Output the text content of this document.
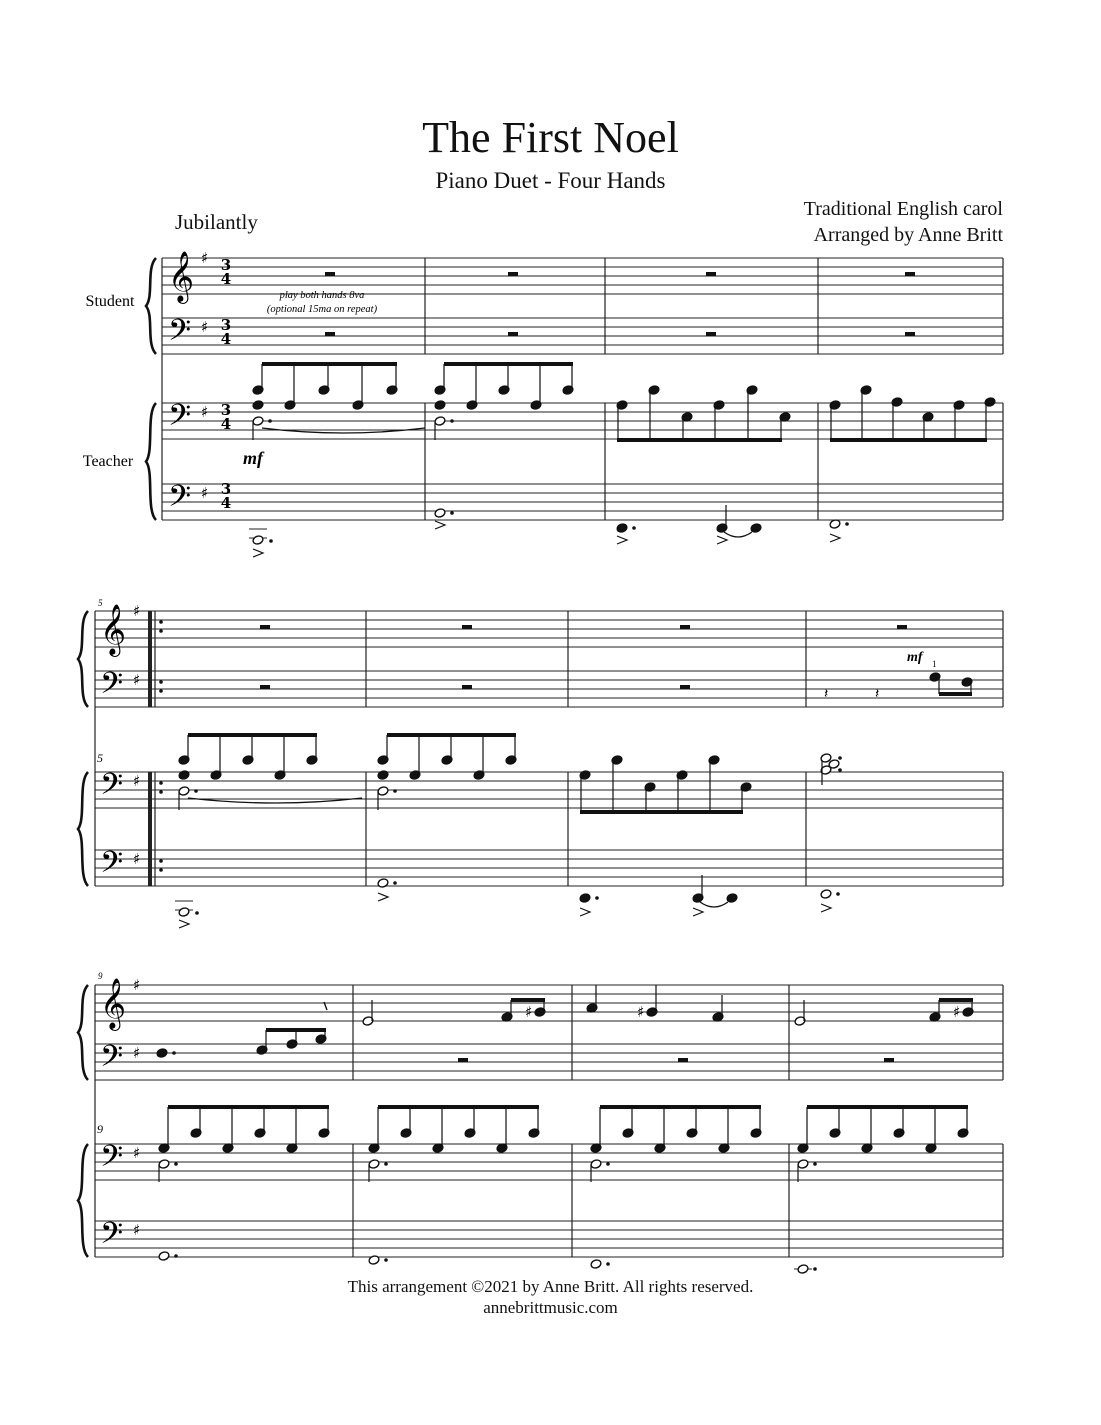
The First Noel
Piano Duet - Four Hands
Jubilantly
Traditional English carol
Arranged by Anne Britt
𝄞
𝄢
𝄢
𝄢
𝄞
𝄢
𝄢
𝄢
𝄞
𝄢
𝄢
𝄢
♯
♯
♯
♯
♯
♯
♯
♯
♯
♯
♯
♯
♯	♯	♯
𝄽	𝄽
Student
Teacher
3
4
3
4
3
4
3
4
play both hands 8va
(optional 15ma on repeat)
mf
mf 1
5
5
9
9
This arrangement ©2021 by Anne Britt. All rights reserved.
annebrittmusic.com
